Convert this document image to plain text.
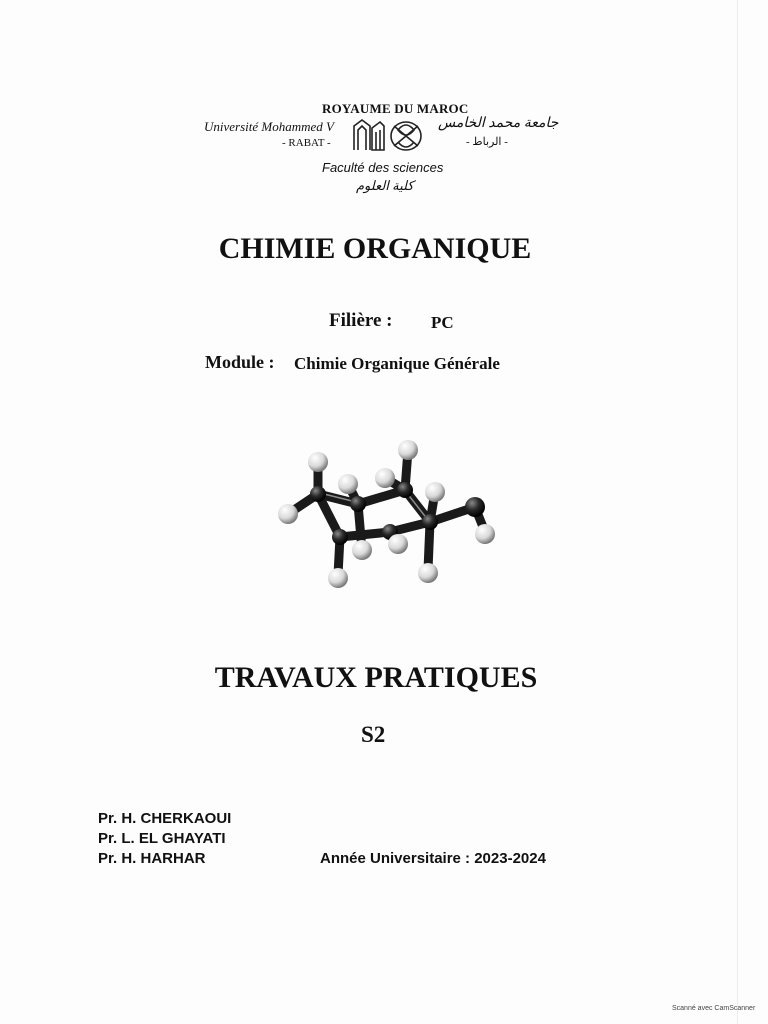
ROYAUME DU MAROC
Université Mohammed V
- RABAT -
جامعة محمد الخامس
- الرباط -
Faculté des sciences
كلية العلوم
CHIMIE ORGANIQUE
Filière : PC
Module : Chimie Organique Générale
TRAVAUX PRATIQUES
S2
Pr. H. CHERKAOUI
Pr. L. EL GHAYATI
Pr. H. HARHAR	Année Universitaire : 2023-2024
Scanné avec CamScanner
